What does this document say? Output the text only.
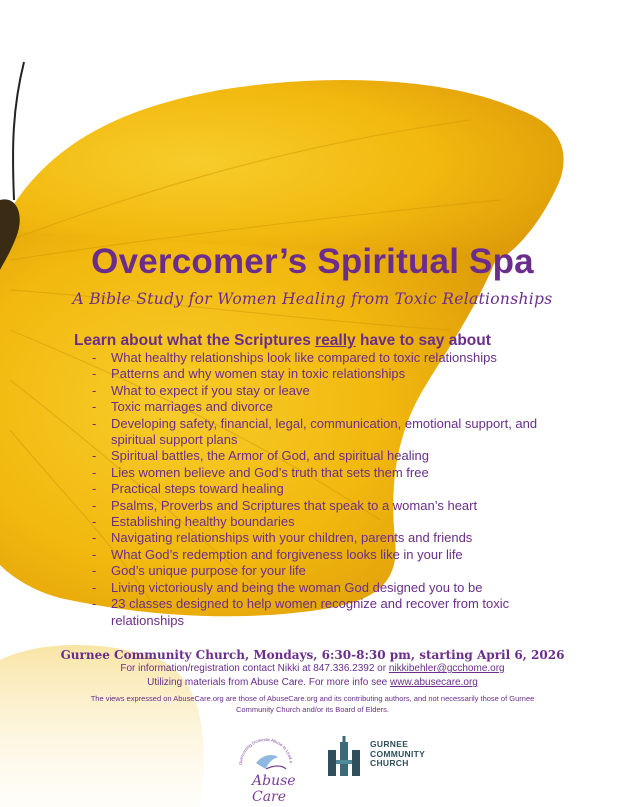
Overcomer’s Spiritual Spa
A Bible Study for Women Healing from Toxic Relationships
Learn about what the Scriptures really have to say about
- What healthy relationships look like compared to toxic relationships
- Patterns and why women stay in toxic relationships
- What to expect if you stay or leave
- Toxic marriages and divorce
- Developing safety, financial, legal, communication, emotional support, and spiritual support plans
- Spiritual battles, the Armor of God, and spiritual healing
- Lies women believe and God’s truth that sets them free
- Practical steps toward healing
- Psalms, Proverbs and Scriptures that speak to a woman’s heart
- Establishing healthy boundaries
- Navigating relationships with your children, parents and friends
- What God’s redemption and forgiveness looks like in your life
- God’s unique purpose for your life
- Living victoriously and being the woman God designed you to be
- 23 classes designed to help women recognize and recover from toxic relationships
Gurnee Community Church, Mondays, 6:30-8:30 pm, starting April 6, 2026
For information/registration contact Nikki at 847.336.2392 or nikkibehler@gcchome.org
Utilizing materials from Abuse Care. For more info see www.abusecare.org
The views expressed on AbuseCare.org are those of AbuseCare.org and its contributing authors, and not necessarily those of Gurnee Community Church and/or its Board of Elders.
Overcoming Domestic Abuse to Lead a
Abuse Care
GURNEE
COMMUNITY
CHURCH
